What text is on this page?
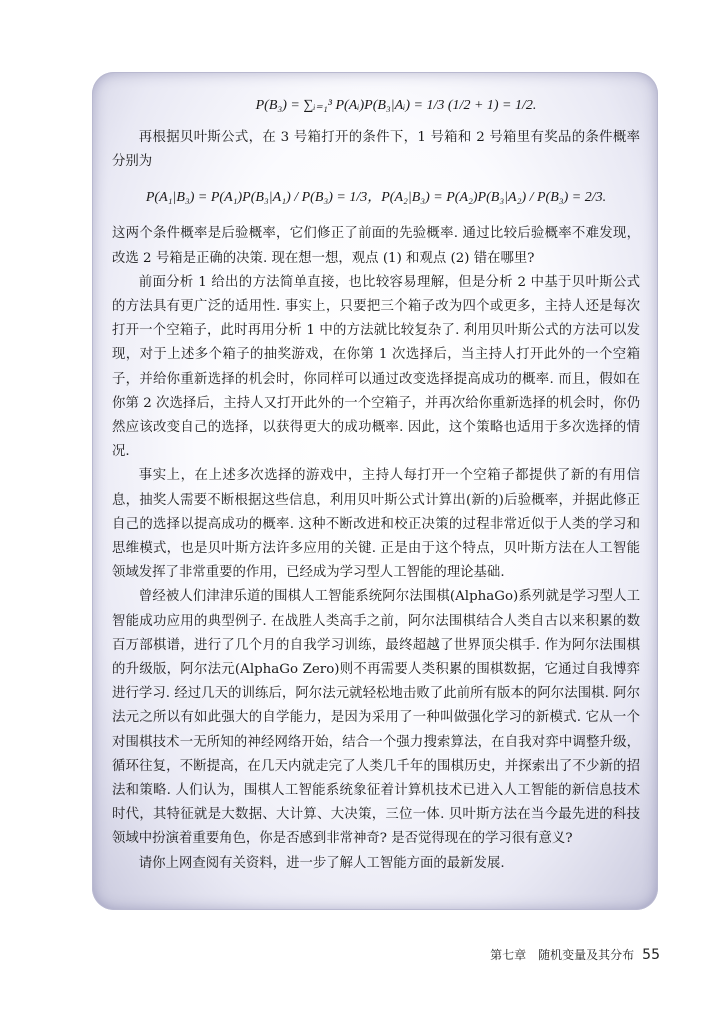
P(B₃) = ∑ᵢ₌₁³ P(Aᵢ)P(B₃|Aᵢ) = 1/3 (1/2 + 1) = 1/2.

再根据贝叶斯公式，在 3 号箱打开的条件下，1 号箱和 2 号箱里有奖品的条件概率分别为

P(A₁|B₃) = P(A₁)P(B₃|A₁) / P(B₃) = 1/3，P(A₂|B₃) = P(A₂)P(B₃|A₂) / P(B₃) = 2/3.

这两个条件概率是后验概率，它们修正了前面的先验概率. 通过比较后验概率不难发现，改选 2 号箱是正确的决策. 现在想一想，观点 (1) 和观点 (2) 错在哪里?

前面分析 1 给出的方法简单直接，也比较容易理解，但是分析 2 中基于贝叶斯公式的方法具有更广泛的适用性. 事实上，只要把三个箱子改为四个或更多，主持人还是每次打开一个空箱子，此时再用分析 1 中的方法就比较复杂了. 利用贝叶斯公式的方法可以发现，对于上述多个箱子的抽奖游戏，在你第 1 次选择后，当主持人打开此外的一个空箱子，并给你重新选择的机会时，你同样可以通过改变选择提高成功的概率. 而且，假如在你第 2 次选择后，主持人又打开此外的一个空箱子，并再次给你重新选择的机会时，你仍然应该改变自己的选择，以获得更大的成功概率. 因此，这个策略也适用于多次选择的情况.

事实上，在上述多次选择的游戏中，主持人每打开一个空箱子都提供了新的有用信息，抽奖人需要不断根据这些信息，利用贝叶斯公式计算出(新的)后验概率，并据此修正自己的选择以提高成功的概率. 这种不断改进和校正决策的过程非常近似于人类的学习和思维模式，也是贝叶斯方法许多应用的关键. 正是由于这个特点，贝叶斯方法在人工智能领域发挥了非常重要的作用，已经成为学习型人工智能的理论基础.

曾经被人们津津乐道的围棋人工智能系统阿尔法围棋(AlphaGo)系列就是学习型人工智能成功应用的典型例子. 在战胜人类高手之前，阿尔法围棋结合人类自古以来积累的数百万部棋谱，进行了几个月的自我学习训练，最终超越了世界顶尖棋手. 作为阿尔法围棋的升级版，阿尔法元(AlphaGo Zero)则不再需要人类积累的围棋数据，它通过自我博弈进行学习. 经过几天的训练后，阿尔法元就轻松地击败了此前所有版本的阿尔法围棋. 阿尔法元之所以有如此强大的自学能力，是因为采用了一种叫做强化学习的新模式. 它从一个对围棋技术一无所知的神经网络开始，结合一个强力搜索算法，在自我对弈中调整升级，循环往复，不断提高，在几天内就走完了人类几千年的围棋历史，并探索出了不少新的招法和策略. 人们认为，围棋人工智能系统象征着计算机技术已进入人工智能的新信息技术时代，其特征就是大数据、大计算、大决策，三位一体. 贝叶斯方法在当今最先进的科技领域中扮演着重要角色，你是否感到非常神奇? 是否觉得现在的学习很有意义?

请你上网查阅有关资料，进一步了解人工智能方面的最新发展.

第七章　随机变量及其分布 55
